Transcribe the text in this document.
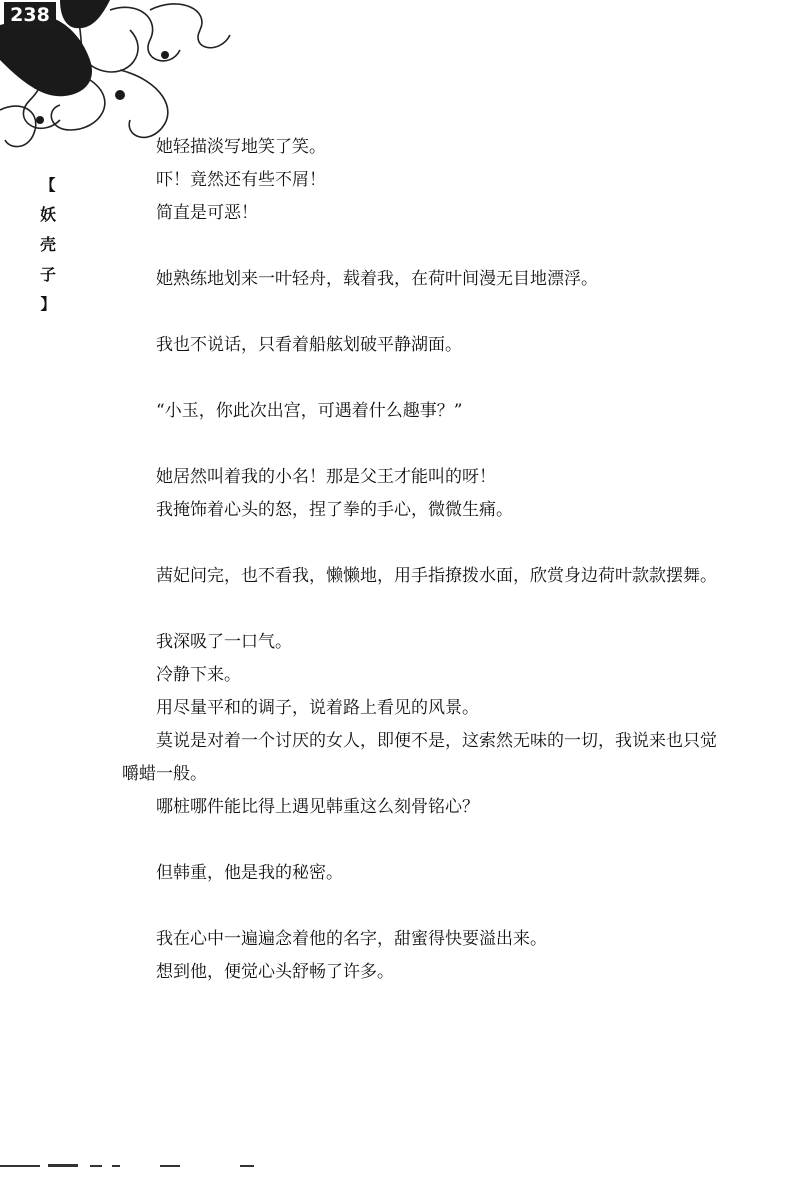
238
【
妖
壳
子
】

她轻描淡写地笑了笑。

吓！竟然还有些不屑！

简直是可恶！

她熟练地划来一叶轻舟，载着我，在荷叶间漫无目地漂浮。

我也不说话，只看着船舷划破平静湖面。

“小玉，你此次出宫，可遇着什么趣事？”

她居然叫着我的小名！那是父王才能叫的呀！

我掩饰着心头的怒，捏了拳的手心，微微生痛。

茜妃问完，也不看我，懒懒地，用手指撩拨水面，欣赏身边荷叶款款摆舞。

我深吸了一口气。

冷静下来。

用尽量平和的调子，说着路上看见的风景。

莫说是对着一个讨厌的女人，即便不是，这索然无味的一切，我说来也只觉嚼蜡一般。

哪桩哪件能比得上遇见韩重这么刻骨铭心？

但韩重，他是我的秘密。

我在心中一遍遍念着他的名字，甜蜜得快要溢出来。

想到他，便觉心头舒畅了许多。
